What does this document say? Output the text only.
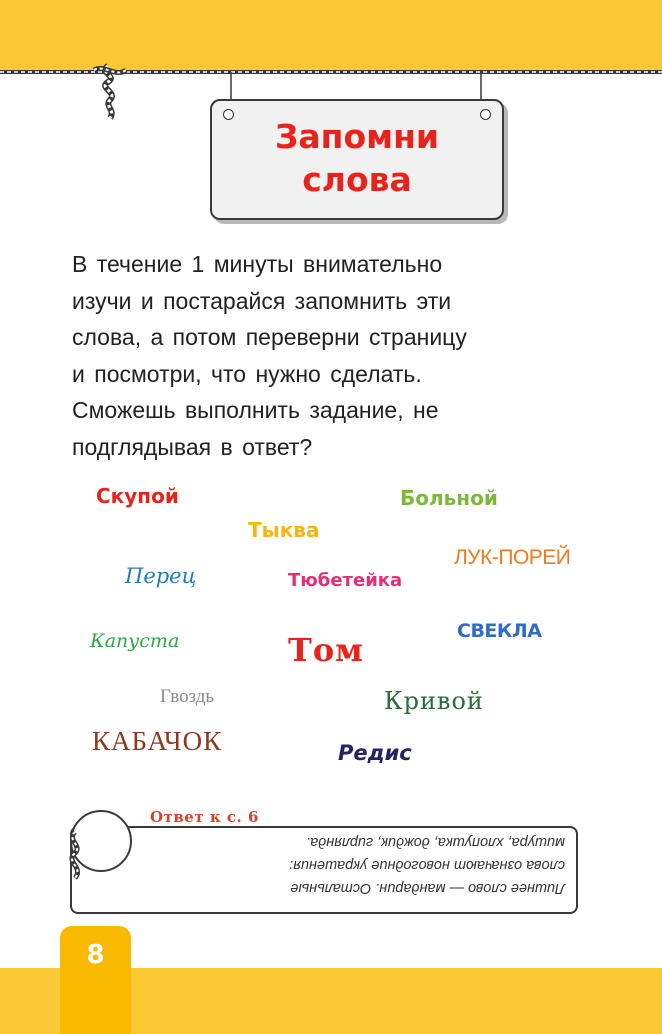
Запомни
слова
В течение 1 минуты внимательно
изучи и постарайся запомнить эти
слова, а потом переверни страницу
и посмотри, что нужно сделать.
Сможешь выполнить задание, не
подглядывая в ответ?
Скупой	Больной
Тыква
ЛУК-ПОРЕЙ
Перец	Тюбетейка
СВЕКЛА
Капуста	Том
Гвоздь	Кривой
КАБАЧОК	Редис
Ответ к с. 6
Лишнее слово — мандарин. Остальные
слова означают новогодние украшения:
мишура, хлопушка, дождик, гирлянда.
8
